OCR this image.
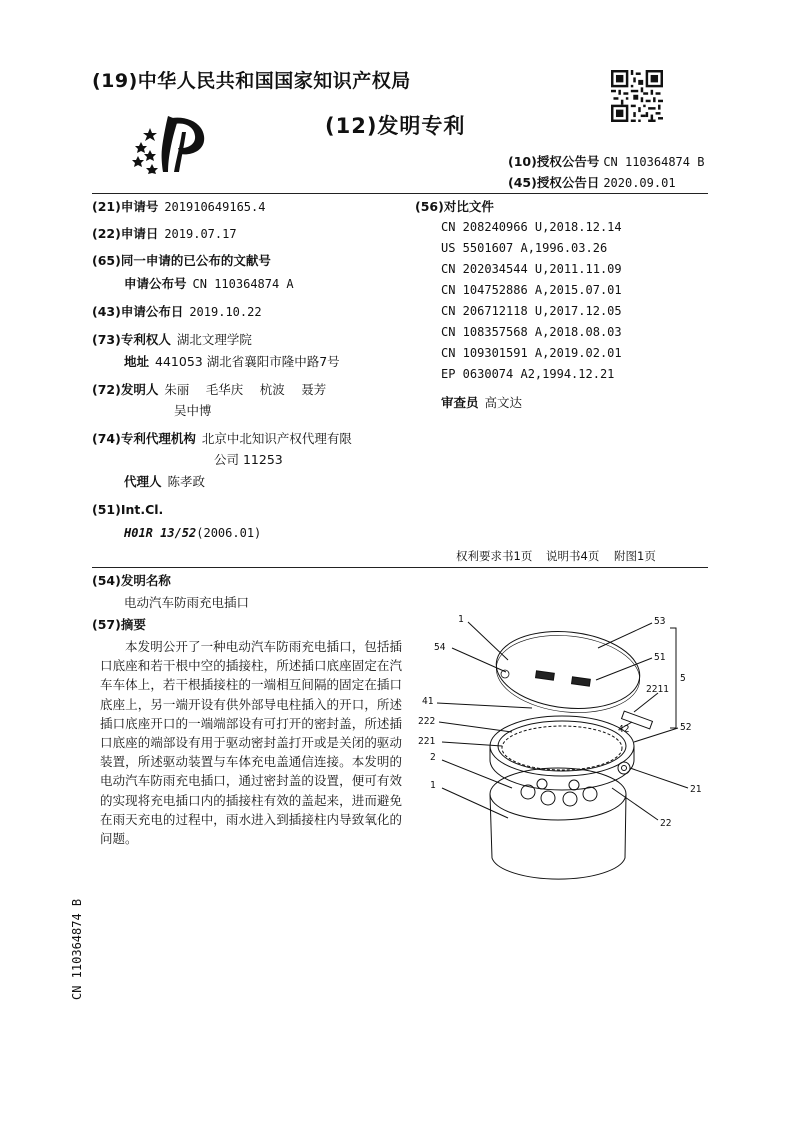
(19)中华人民共和国国家知识产权局
(12)发明专利
(10)授权公告号 CN 110364874 B
(45)授权公告日 2020.09.01
(21)申请号 201910649165.4
(22)申请日 2019.07.17
(65)同一申请的已公布的文献号
申请公布号 CN 110364874 A
(43)申请公布日 2019.10.22
(73)专利权人 湖北文理学院
地址 441053 湖北省襄阳市隆中路7号
(72)发明人 朱丽　 毛华庆　 杭波　 聂芳
吴中博
(74)专利代理机构 北京中北知识产权代理有限
公司 11253
代理人 陈孝政
(51)Int.Cl.
H01R 13/52(2006.01)
(56)对比文件
CN 208240966 U,2018.12.14
US 5501607 A,1996.03.26
CN 202034544 U,2011.11.09
CN 104752886 A,2015.07.01
CN 206712118 U,2017.12.05
CN 108357568 A,2018.08.03
CN 109301591 A,2019.02.01
EP 0630074 A2,1994.12.21
审查员 高文达
权利要求书1页 说明书4页 附图1页
(54)发明名称
电动汽车防雨充电插口
(57)摘要

本发明公开了一种电动汽车防雨充电插口，包括插口底座和若干根中空的插接柱，所述插口底座固定在汽车车体上，若干根插接柱的一端相互间隔的固定在插口底座上，另一端开设有供外部导电柱插入的开口，所述插口底座开口的一端端部设有可打开的密封盖，所述插口底座的端部设有用于驱动密封盖打开或是关闭的驱动装置，所述驱动装置与车体充电盖通信连接。本发明的电动汽车防雨充电插口，通过密封盖的设置，便可有效的实现将充电插口内的插接柱有效的盖起来，进而避免在雨天充电的过程中，雨水进入到插接柱内导致氧化的问题。

1	53
54
51
5
41
2211
222
42
221
52
2
1	21
22
CN 110364874 B
